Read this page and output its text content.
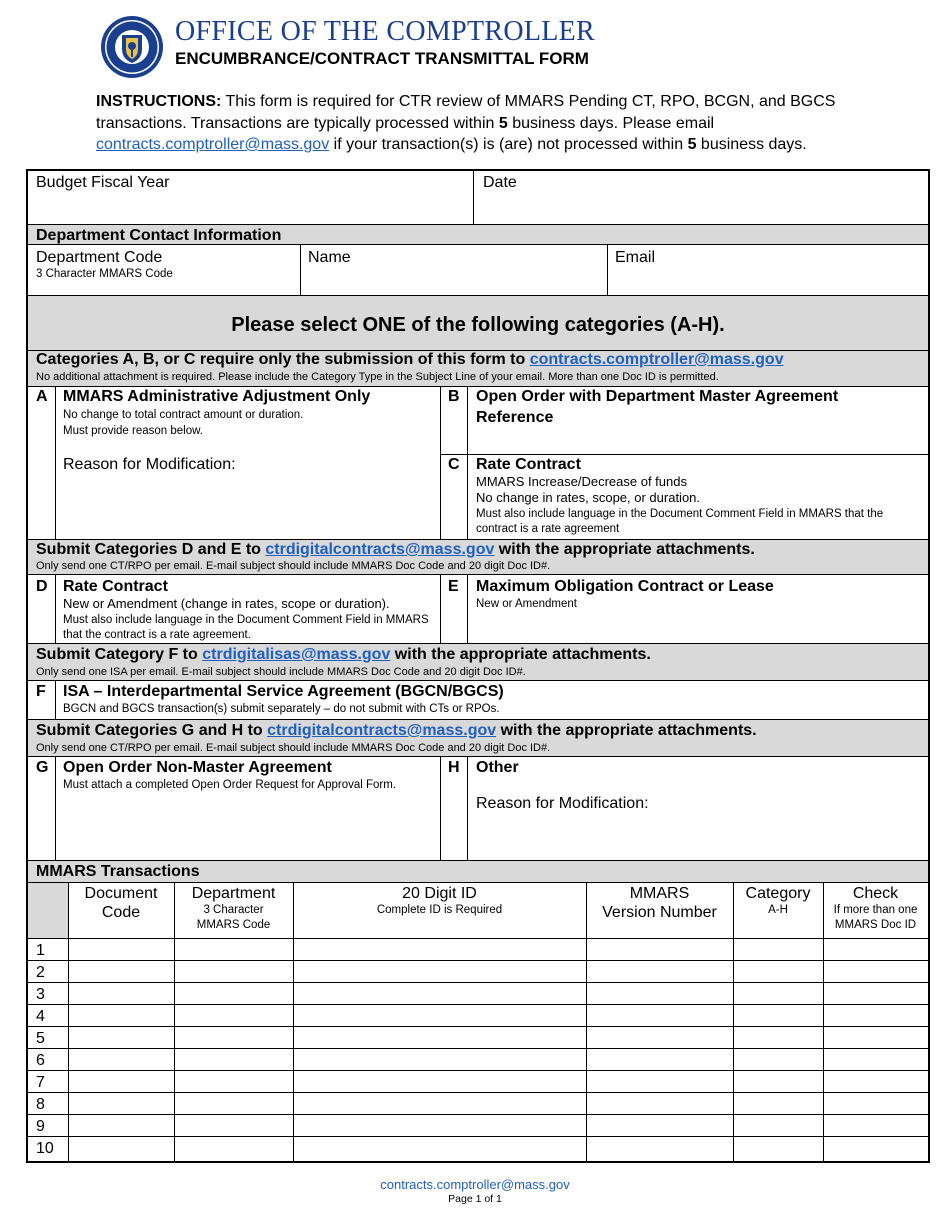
OFFICE OF THE COMPTROLLER
ENCUMBRANCE/CONTRACT TRANSMITTAL FORM
INSTRUCTIONS: This form is required for CTR review of MMARS Pending CT, RPO, BCGN, and BGCS transactions. Transactions are typically processed within 5 business days. Please email contracts.comptroller@mass.gov if your transaction(s) is (are) not processed within 5 business days.
Budget Fiscal Year	Date
Department Contact Information
Department Code
3 Character MMARS Code
Name	Email
Please select ONE of the following categories (A-H).
Categories A, B, or C require only the submission of this form to contracts.comptroller@mass.gov
No additional attachment is required. Please include the Category Type in the Subject Line of your email. More than one Doc ID is permitted.
A MMARS Administrative Adjustment Only
No change to total contract amount or duration.
Must provide reason below.
Reason for Modification:
B Open Order with Department Master Agreement
Reference
C Rate Contract
MMARS Increase/Decrease of funds
No change in rates, scope, or duration.
Must also include language in the Document Comment Field in MMARS that the
contract is a rate agreement
Submit Categories D and E to ctrdigitalcontracts@mass.gov with the appropriate attachments.
Only send one CT/RPO per email. E-mail subject should include MMARS Doc Code and 20 digit Doc ID#.
D Rate Contract
New or Amendment (change in rates, scope or duration).
Must also include language in the Document Comment Field in MMARS
that the contract is a rate agreement.
E Maximum Obligation Contract or Lease
New or Amendment
Submit Category F to ctrdigitalisas@mass.gov with the appropriate attachments.
Only send one ISA per email. E-mail subject should include MMARS Doc Code and 20 digit Doc ID#.
F ISA – Interdepartmental Service Agreement (BGCN/BGCS)
BGCN and BGCS transaction(s) submit separately – do not submit with CTs or RPOs.
Submit Categories G and H to ctrdigitalcontracts@mass.gov with the appropriate attachments.
Only send one CT/RPO per email. E-mail subject should include MMARS Doc Code and 20 digit Doc ID#.
G Open Order Non-Master Agreement
Must attach a completed Open Order Request for Approval Form.
H Other
Reason for Modification:
MMARS Transactions
Document
Code
Department
3 Character
MMARS Code
20 Digit ID
Complete ID is Required
MMARS
Version Number
Category
A-H
Check
If more than one
MMARS Doc ID
1
2
3
4
5
6
7
8
9
10
contracts.comptroller@mass.gov
Page 1 of 1
